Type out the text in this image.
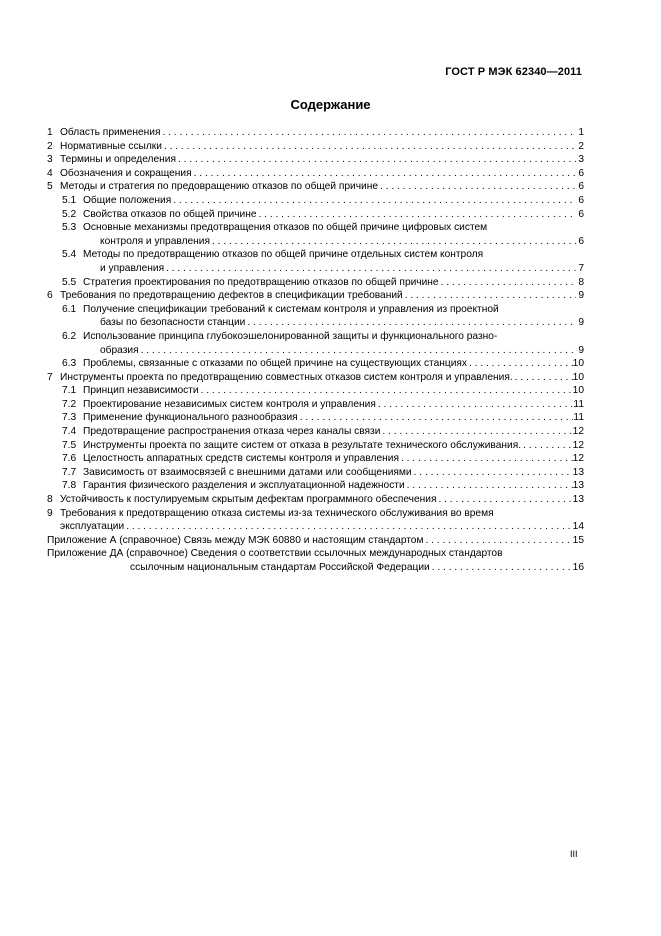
ГОСТ Р МЭК 62340—2011
Содержание
1 Область применения . . .	1
2 Нормативные ссылки . . .	2
3 Термины и определения . . .	3
4 Обозначения и сокращения . . .	6
5 Методы и стратегия по предовращению отказов по общей причине . . .	6
5.1 Общие положения . . .	6
5.2 Свойства отказов по общей причине . . .	6
5.3 Основные механизмы предотвращения отказов по общей причине цифровых систем
контроля и управления . . .	6
5.4 Методы по предотвращению отказов по общей причине отдельных систем контроля
и управления . . .	7
5.5 Стратегия проектирования по предотвращению отказов по общей причине . . .	8
6 Требования по предотвращению дефектов в спецификации требований . . .	9
6.1 Получение спецификации требований к системам контроля и управления из проектной
базы по безопасности станции . . .	9
6.2 Использование принципа глубокоэшелонированной защиты и функционального разно-
образия . . .	9
6.3 Проблемы, связанные с отказами по общей причине на существующих станциях . . .	10
7 Инструменты проекта по предотвращению совместных отказов систем контроля и управления. . . .	10
7.1 Принцип независимости . . .	10
7.2 Проектирование независимых систем контроля и управления . . .	11
7.3 Применение функционального разнообразия . . .	11
7.4 Предотвращение распространения отказа через каналы связи . . .	12
7.5 Инструменты проекта по защите систем от отказа в результате технического обслуживания. . . .	12
7.6 Целостность аппаратных средств системы контроля и управления . . .	12
7.7 Зависимость от взаимосвязей с внешними датами или сообщениями . . .	13
7.8 Гарантия физического разделения и эксплуатационной надежности . . .	13
8 Устойчивость к постулируемым скрытым дефектам программного обеспечения . . .	13
9 Требования к предотвращению отказа системы из-за технического обслуживания во время
эксплуатации . . .	14
Приложение А (справочное) Связь между МЭК 60880 и настоящим стандартом . . .	15
Приложение ДА (справочное) Сведения о соответствии ссылочных международных стандартов
ссылочным национальным стандартам Российской Федерации . . .	16
III
